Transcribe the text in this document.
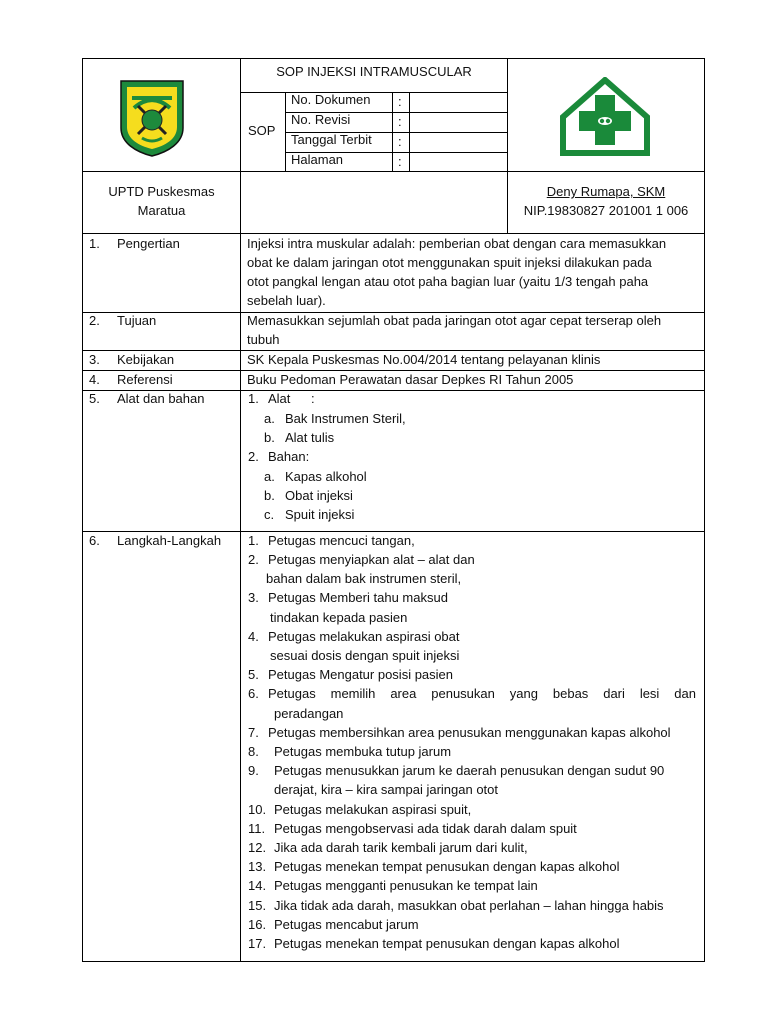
SOP INJEKSI INTRAMUSCULAR
SOP
No. Dokumen :
No. Revisi	:
Tanggal Terbit :
Halaman	:
UPTD Puskesmas
Maratua
Deny Rumapa, SKM
NIP.19830827 201001 1 006
1. Pengertian	Injeksi intra muskular adalah: pemberian obat dengan cara memasukkan
obat ke dalam jaringan otot menggunakan spuit injeksi dilakukan pada
otot pangkal lengan atau otot paha bagian luar (yaitu 1/3 tengah paha
sebelah luar).
2. Tujuan	Memasukkan sejumlah obat pada jaringan otot agar cepat terserap oleh
tubuh
3. Kebijakan	SK Kepala Puskesmas No.004/2014 tentang pelayanan klinis
4. Referensi	Buku Pedoman Perawatan dasar Depkes RI Tahun 2005
5. Alat dan bahan	1. Alat :
a. Bak Instrumen Steril,
b. Alat tulis
2. Bahan:
a. Kapas alkohol
b. Obat injeksi
c. Spuit injeksi
6. Langkah-Langkah 1. Petugas mencuci tangan,
2. Petugas menyiapkan alat – alat dan
bahan dalam bak instrumen steril,
3. Petugas Memberi tahu maksud
tindakan kepada pasien
4. Petugas melakukan aspirasi obat
sesuai dosis dengan spuit injeksi
5. Petugas Mengatur posisi pasien
6. Petugas memilih area penusukan yang bebas dari lesi dan
peradangan
7. Petugas membersihkan area penusukan menggunakan kapas alkohol
8. Petugas membuka tutup jarum
9. Petugas menusukkan jarum ke daerah penusukan dengan sudut 90
derajat, kira – kira sampai jaringan otot
10. Petugas melakukan aspirasi spuit,
11. Petugas mengobservasi ada tidak darah dalam spuit
12. Jika ada darah tarik kembali jarum dari kulit,
13. Petugas menekan tempat penusukan dengan kapas alkohol
14. Petugas mengganti penusukan ke tempat lain
15. Jika tidak ada darah, masukkan obat perlahan – lahan hingga habis
16. Petugas mencabut jarum
17. Petugas menekan tempat penusukan dengan kapas alkohol
